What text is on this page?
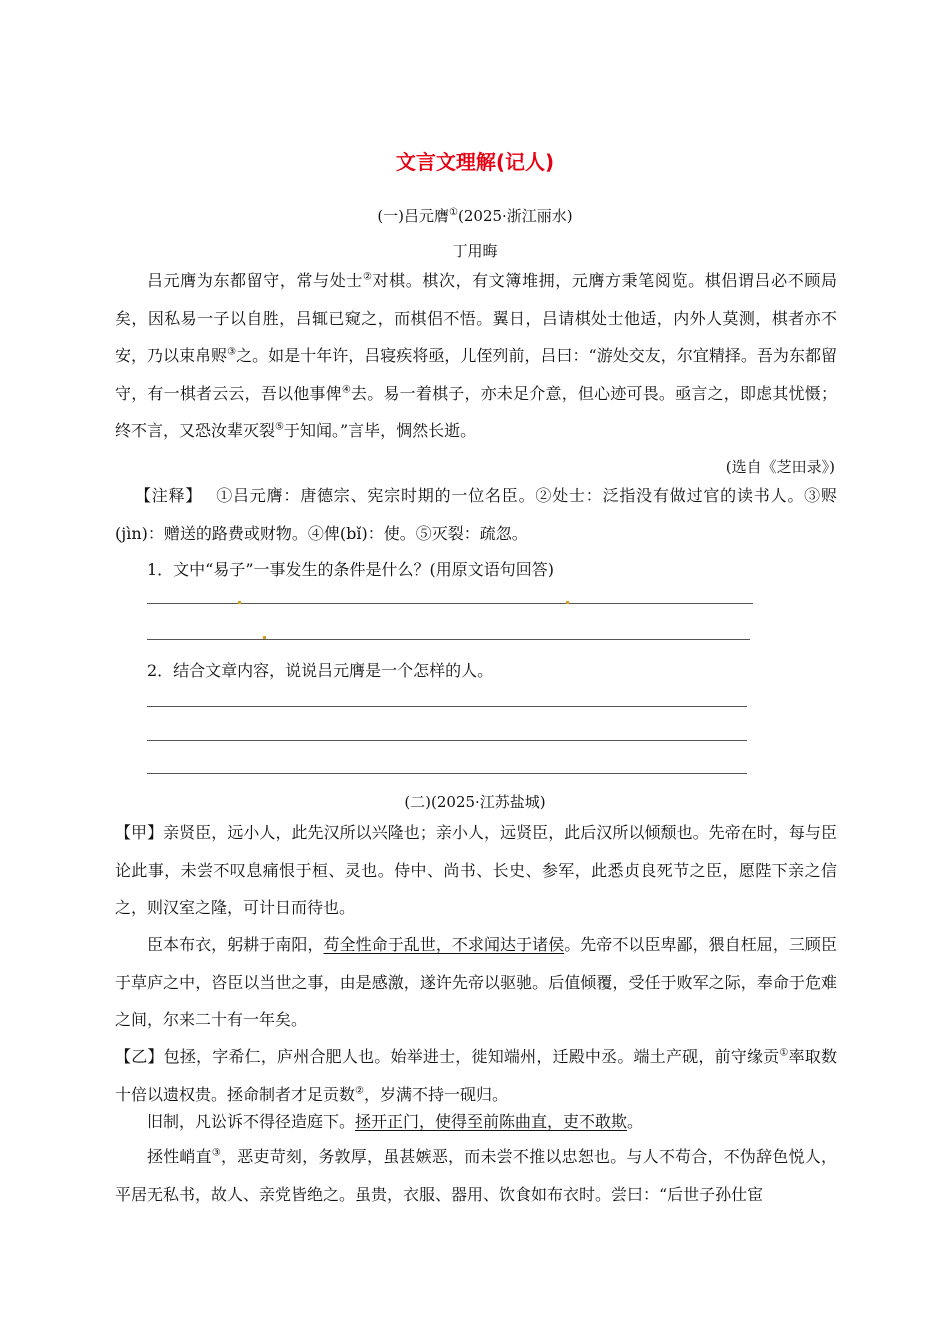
文言文理解(记人)
(一)吕元膺①(2025·浙江丽水)
丁用晦
吕元膺为东都留守，常与处士②对棋。棋次，有文簿堆拥，元膺方秉笔阅览。棋侣谓吕必不顾局矣，因私易一子以自胜，吕辄已窥之，而棋侣不悟。翼日，吕请棋处士他适，内外人莫测，棋者亦不安，乃以束帛赆③之。如是十年许，吕寝疾将亟，儿侄列前，吕曰：“游处交友，尔宜精择。吾为东都留守，有一棋者云云，吾以他事俾④去。易一着棋子，亦未足介意，但心迹可畏。亟言之，即虑其忧慑；终不言，又恐汝辈灭裂⑤于知闻。”言毕，惆然长逝。
(选自《芝田录》)
【注释】 ①吕元膺：唐德宗、宪宗时期的一位名臣。②处士：泛指没有做过官的读书人。③赆(jìn)：赠送的路费或财物。④俾(bǐ)：使。⑤灭裂：疏忽。
1．文中“易子”一事发生的条件是什么？(用原文语句回答)
2．结合文章内容，说说吕元膺是一个怎样的人。
(二)(2025·江苏盐城)
【甲】亲贤臣，远小人，此先汉所以兴隆也；亲小人，远贤臣，此后汉所以倾颓也。先帝在时，每与臣论此事，未尝不叹息痛恨于桓、灵也。侍中、尚书、长史、参军，此悉贞良死节之臣，愿陛下亲之信之，则汉室之隆，可计日而待也。
臣本布衣，躬耕于南阳，苟全性命于乱世，不求闻达于诸侯。先帝不以臣卑鄙，猥自枉屈，三顾臣于草庐之中，咨臣以当世之事，由是感激，遂许先帝以驱驰。后值倾覆，受任于败军之际，奉命于危难之间，尔来二十有一年矣。
【乙】包拯，字希仁，庐州合肥人也。始举进士，徙知端州，迁殿中丞。端土产砚，前守缘贡①率取数十倍以遗权贵。拯命制者才足贡数②，岁满不持一砚归。
旧制，凡讼诉不得径造庭下。拯开正门，使得至前陈曲直，吏不敢欺。
拯性峭直③，恶吏苛刻，务敦厚，虽甚嫉恶，而未尝不推以忠恕也。与人不苟合，不伪辞色悦人，平居无私书，故人、亲党皆绝之。虽贵，衣服、器用、饮食如布衣时。尝曰：“后世子孙仕宦
